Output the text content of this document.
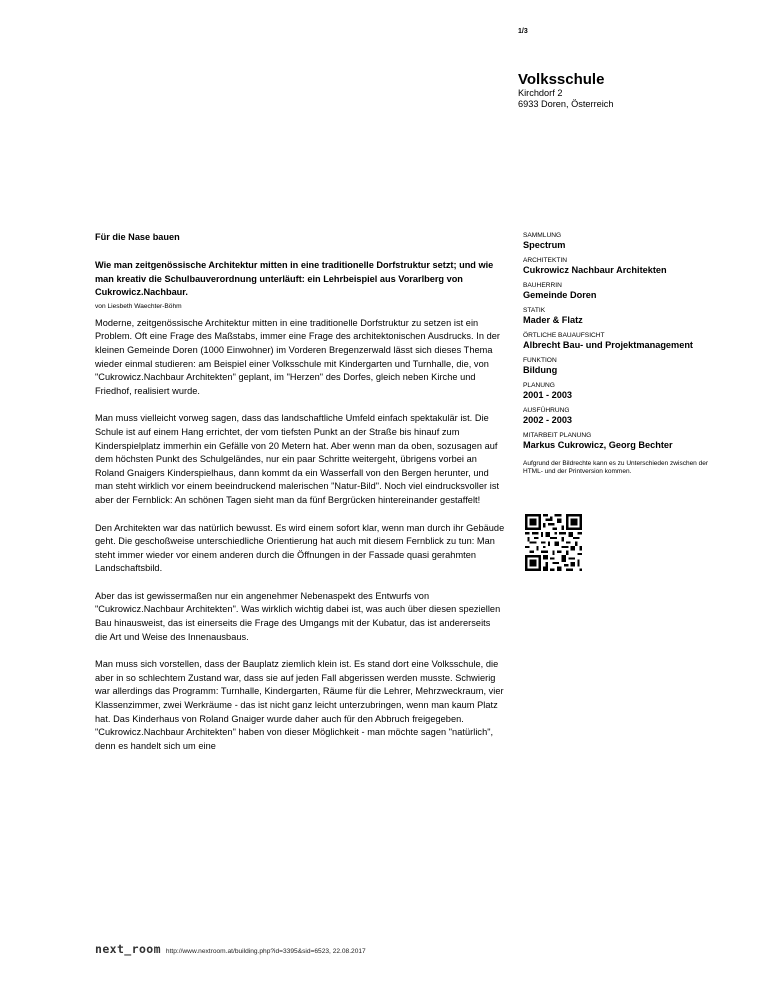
1/3
Volksschule
Kirchdorf 2
6933 Doren, Österreich

Für die Nase bauen

Wie man zeitgenössische Architektur mitten in eine traditionelle Dorfstruktur setzt; und wie man kreativ die Schulbauverordnung unterläuft: ein Lehrbeispiel aus Vorarlberg von Cukrowicz.Nachbaur.

von Liesbeth Waechter-Böhm

Moderne, zeitgenössische Architektur mitten in eine traditionelle Dorfstruktur zu setzen ist ein Problem. Oft eine Frage des Maßstabs, immer eine Frage des architektonischen Ausdrucks. In der kleinen Gemeinde Doren (1000 Einwohner) im Vorderen Bregenzerwald lässt sich dieses Thema wieder einmal studieren: am Beispiel einer Volksschule mit Kindergarten und Turnhalle, die, von "Cukrowicz.Nachbaur Architekten" geplant, im "Herzen" des Dorfes, gleich neben Kirche und Friedhof, realisiert wurde.

Man muss vielleicht vorweg sagen, dass das landschaftliche Umfeld einfach spektakulär ist. Die Schule ist auf einem Hang errichtet, der vom tiefsten Punkt an der Straße bis hinauf zum Kinderspielplatz immerhin ein Gefälle von 20 Metern hat. Aber wenn man da oben, sozusagen auf dem höchsten Punkt des Schulgeländes, nur ein paar Schritte weitergeht, übrigens vorbei an Roland Gnaigers Kinderspielhaus, dann kommt da ein Wasserfall von den Bergen herunter, und man steht wirklich vor einem beeindruckend malerischen "Natur-Bild". Noch viel eindrucksvoller ist aber der Fernblick: An schönen Tagen sieht man da fünf Bergrücken hintereinander gestaffelt!

Den Architekten war das natürlich bewusst. Es wird einem sofort klar, wenn man durch ihr Gebäude geht. Die geschoßweise unterschiedliche Orientierung hat auch mit diesem Fernblick zu tun: Man steht immer wieder vor einem anderen durch die Öffnungen in der Fassade quasi gerahmten Landschaftsbild.

Aber das ist gewissermaßen nur ein angenehmer Nebenaspekt des Entwurfs von "Cukrowicz.Nachbaur Architekten". Was wirklich wichtig dabei ist, was auch über diesen speziellen Bau hinausweist, das ist einerseits die Frage des Umgangs mit der Kubatur, das ist andererseits die Art und Weise des Innenausbaus.

Man muss sich vorstellen, dass der Bauplatz ziemlich klein ist. Es stand dort eine Volksschule, die aber in so schlechtem Zustand war, dass sie auf jeden Fall abgerissen werden musste. Schwierig war allerdings das Programm: Turnhalle, Kindergarten, Räume für die Lehrer, Mehrzweckraum, vier Klassenzimmer, zwei Werkräume - das ist nicht ganz leicht unterzubringen, wenn man kaum Platz hat. Das Kinderhaus von Roland Gnaiger wurde daher auch für den Abbruch freigegeben. "Cukrowicz.Nachbaur Architekten" haben von dieser Möglichkeit - man möchte sagen "natürlich", denn es handelt sich um eine

SAMMLUNG
Spectrum
ARCHITEKTIN
Cukrowicz Nachbaur Architekten
BAUHERRIN
Gemeinde Doren
STATIK
Mader & Flatz
ÖRTLICHE BAUAUFSICHT
Albrecht Bau- und Projektmanagement
FUNKTION
Bildung
PLANUNG
2001 - 2003
AUSFÜHRUNG
2002 - 2003
MITARBEIT PLANUNG
Markus Cukrowicz, Georg Bechter
Aufgrund der Bildrechte kann es zu Unterschieden zwischen der HTML- und der Printversion kommen.
next_room http://www.nextroom.at/building.php?id=3395&sid=6523, 22.08.2017
